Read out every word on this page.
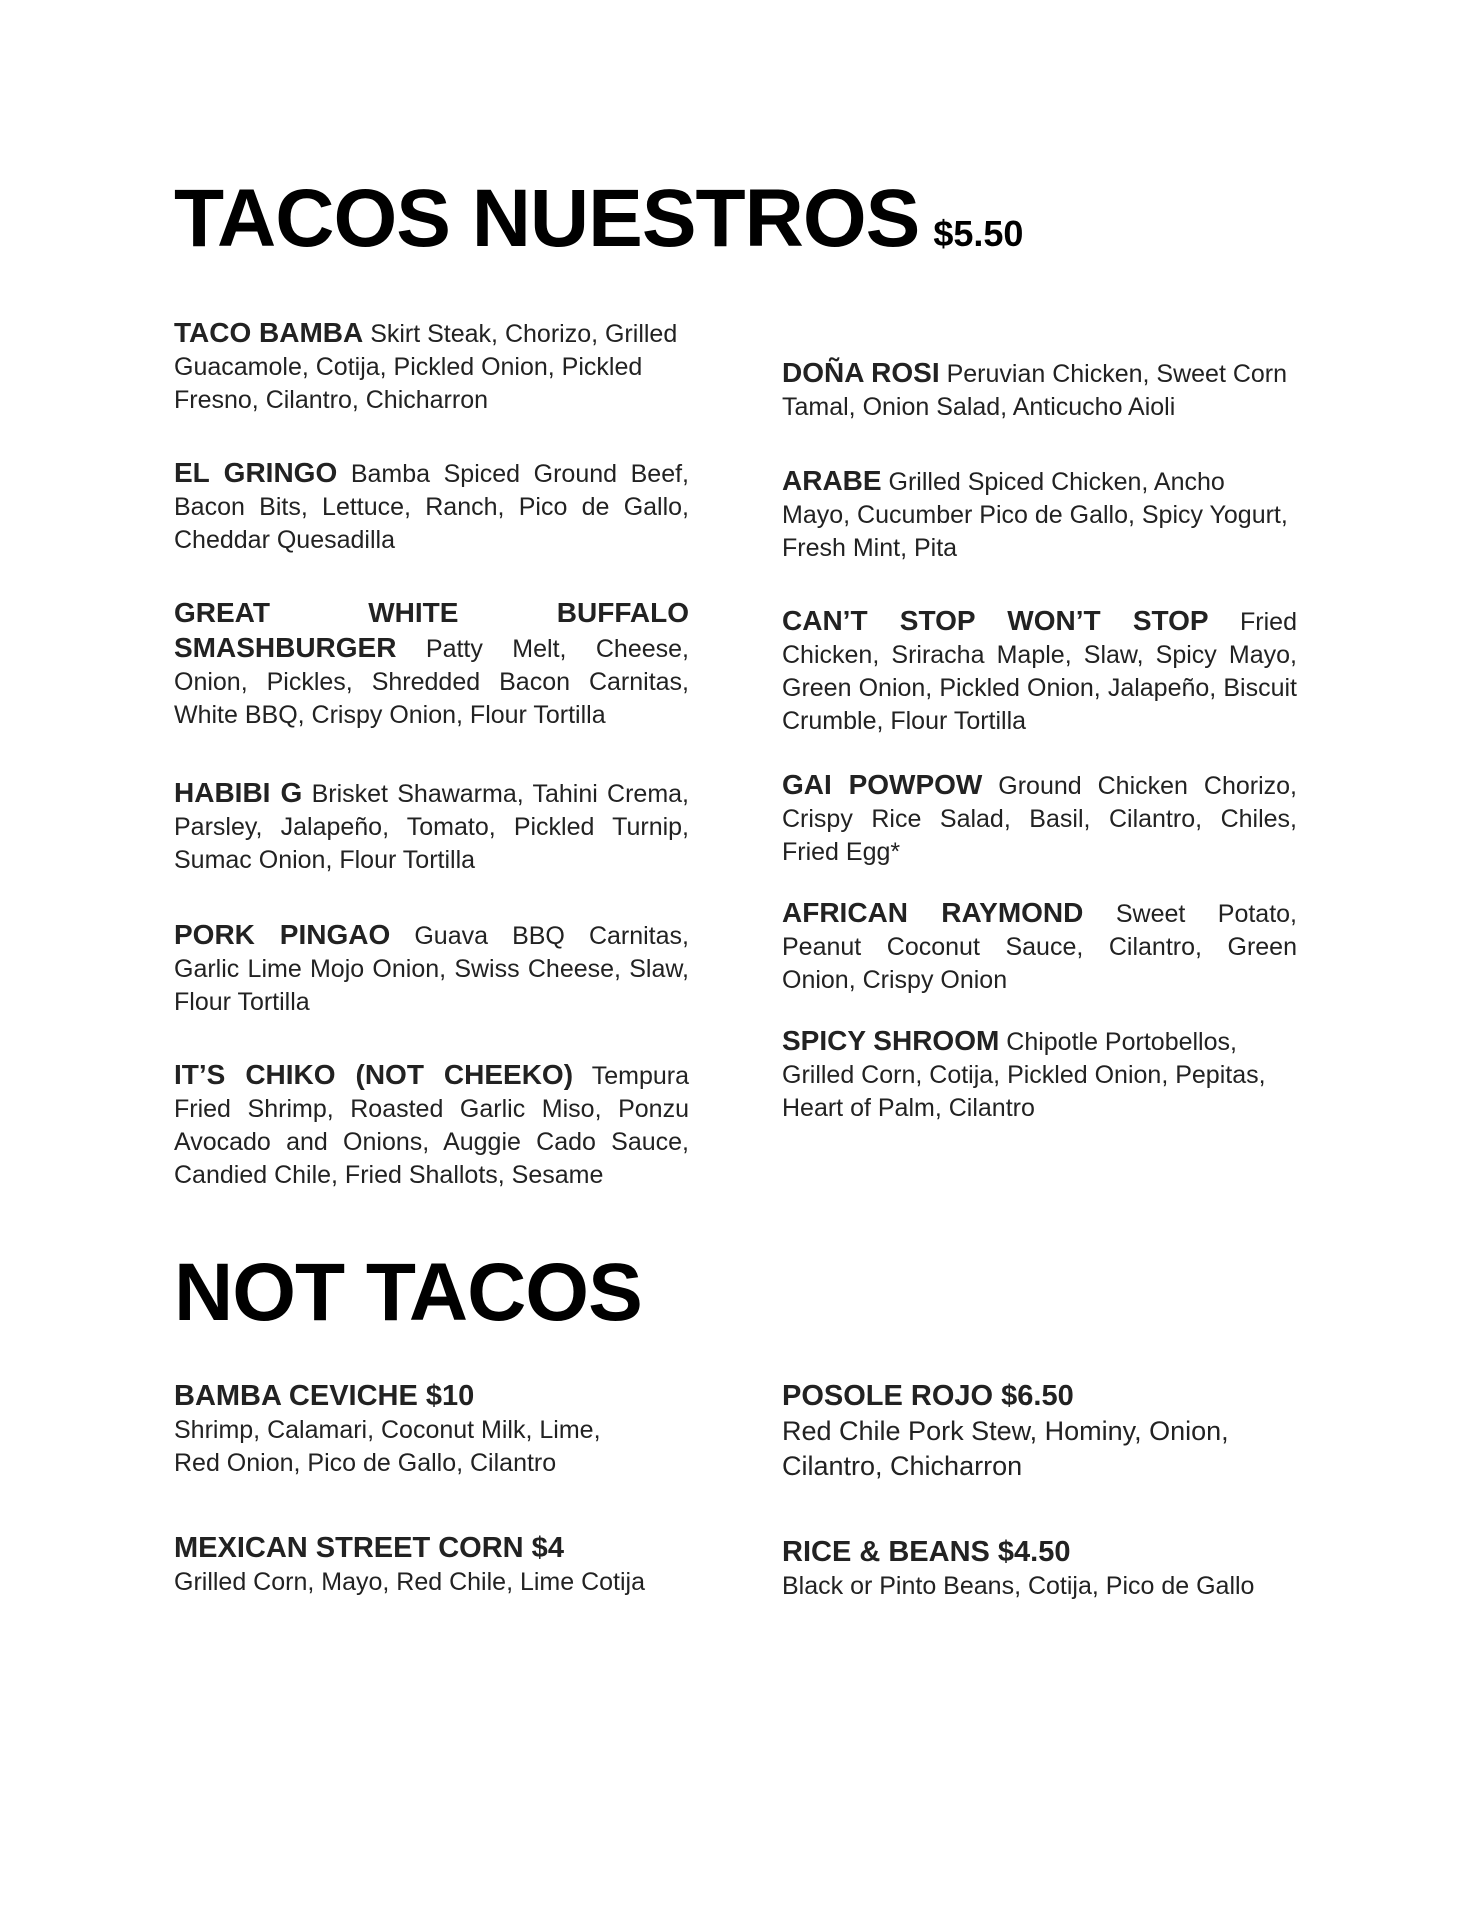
TACOS NUESTROS $5.50
TACO BAMBA Skirt Steak, Chorizo, Grilled Guacamole, Cotija, Pickled Onion, Pickled Fresno, Cilantro, Chicharron
EL GRINGO Bamba Spiced Ground Beef, Bacon Bits, Lettuce, Ranch, Pico de Gallo, Cheddar Quesadilla
GREAT WHITE BUFFALO SMASHBURGER Patty Melt, Cheese, Onion, Pickles, Shredded Bacon Carnitas, White BBQ, Crispy Onion, Flour Tortilla
HABIBI G Brisket Shawarma, Tahini Crema, Parsley, Jalapeño, Tomato, Pickled Turnip, Sumac Onion, Flour Tortilla
PORK PINGAO Guava BBQ Carnitas, Garlic Lime Mojo Onion, Swiss Cheese, Slaw, Flour Tortilla
IT’S CHIKO (NOT CHEEKO) Tempura Fried Shrimp, Roasted Garlic Miso, Ponzu Avocado and Onions, Auggie Cado Sauce, Candied Chile, Fried Shallots, Sesame
DOÑA ROSI Peruvian Chicken, Sweet Corn Tamal, Onion Salad, Anticucho Aioli
ARABE Grilled Spiced Chicken, Ancho Mayo, Cucumber Pico de Gallo, Spicy Yogurt, Fresh Mint, Pita
CAN’T STOP WON’T STOP Fried Chicken, Sriracha Maple, Slaw, Spicy Mayo, Green Onion, Pickled Onion, Jalapeño, Biscuit Crumble, Flour Tortilla
GAI POWPOW Ground Chicken Chorizo, Crispy Rice Salad, Basil, Cilantro, Chiles, Fried Egg*
AFRICAN RAYMOND Sweet Potato, Peanut Coconut Sauce, Cilantro, Green Onion, Crispy Onion
SPICY SHROOM Chipotle Portobellos, Grilled Corn, Cotija, Pickled Onion, Pepitas, Heart of Palm, Cilantro
NOT TACOS
BAMBA CEVICHE $10
Shrimp, Calamari, Coconut Milk, Lime, Red Onion, Pico de Gallo, Cilantro
MEXICAN STREET CORN $4
Grilled Corn, Mayo, Red Chile, Lime Cotija
POSOLE ROJO $6.50
Red Chile Pork Stew, Hominy, Onion, Cilantro, Chicharron
RICE & BEANS $4.50
Black or Pinto Beans, Cotija, Pico de Gallo
